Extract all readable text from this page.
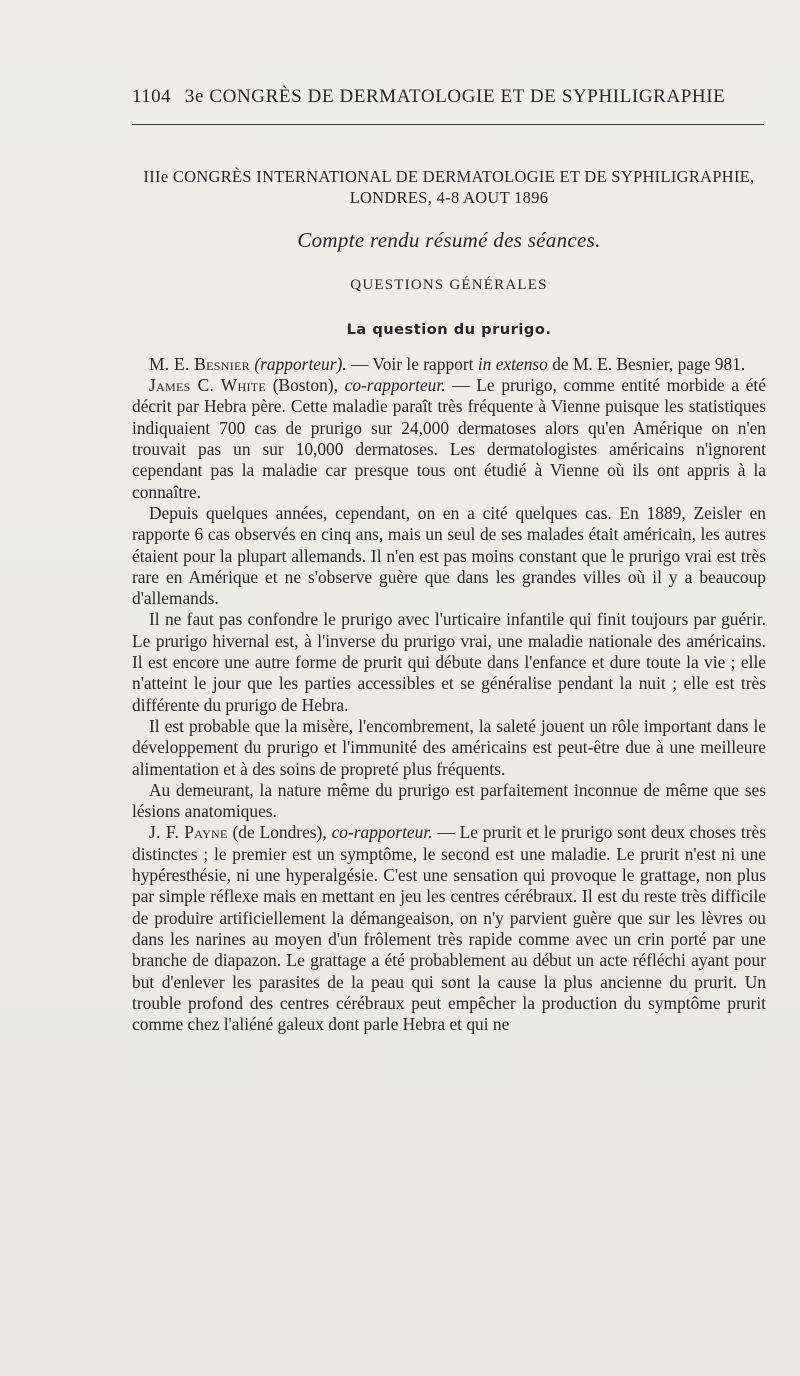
1104 3e CONGRÈS DE DERMATOLOGIE ET DE SYPHILIGRAPHIE
IIIe CONGRÈS INTERNATIONAL DE DERMATOLOGIE ET DE SYPHILIGRAPHIE, LONDRES, 4-8 AOUT 1896
Compte rendu résumé des séances.
QUESTIONS GÉNÉRALES
La question du prurigo.

M. E. Besnier (rapporteur). — Voir le rapport in extenso de M. E. Besnier, page 981.

James C. White (Boston), co-rapporteur. — Le prurigo, comme entité morbide a été décrit par Hebra père. Cette maladie paraît très fréquente à Vienne puisque les statistiques indiquaient 700 cas de prurigo sur 24,000 dermatoses alors qu'en Amérique on n'en trouvait pas un sur 10,000 dermatoses. Les dermatologistes américains n'ignorent cependant pas la maladie car presque tous ont étudié à Vienne où ils ont appris à la connaître.

Depuis quelques années, cependant, on en a cité quelques cas. En 1889, Zeisler en rapporte 6 cas observés en cinq ans, mais un seul de ses malades était américain, les autres étaient pour la plupart allemands. Il n'en est pas moins constant que le prurigo vrai est très rare en Amérique et ne s'observe guère que dans les grandes villes où il y a beaucoup d'allemands.

Il ne faut pas confondre le prurigo avec l'urticaire infantile qui finit toujours par guérir. Le prurigo hivernal est, à l'inverse du prurigo vrai, une maladie nationale des américains. Il est encore une autre forme de prurit qui débute dans l'enfance et dure toute la vie ; elle n'atteint le jour que les parties accessibles et se généralise pendant la nuit ; elle est très différente du prurigo de Hebra.

Il est probable que la misère, l'encombrement, la saleté jouent un rôle important dans le développement du prurigo et l'immunité des américains est peut-être due à une meilleure alimentation et à des soins de propreté plus fréquents.

Au demeurant, la nature même du prurigo est parfaitement inconnue de même que ses lésions anatomiques.

J. F. Payne (de Londres), co-rapporteur. — Le prurit et le prurigo sont deux choses très distinctes ; le premier est un symptôme, le second est une maladie. Le prurit n'est ni une hypéresthésie, ni une hyperalgésie. C'est une sensation qui provoque le grattage, non plus par simple réflexe mais en mettant en jeu les centres cérébraux. Il est du reste très difficile de produire artificiellement la démangeaison, on n'y parvient guère que sur les lèvres ou dans les narines au moyen d'un frôlement très rapide comme avec un crin porté par une branche de diapazon. Le grattage a été probablement au début un acte réfléchi ayant pour but d'enlever les parasites de la peau qui sont la cause la plus ancienne du prurit. Un trouble profond des centres cérébraux peut empêcher la production du symptôme prurit comme chez l'aliéné galeux dont parle Hebra et qui ne
